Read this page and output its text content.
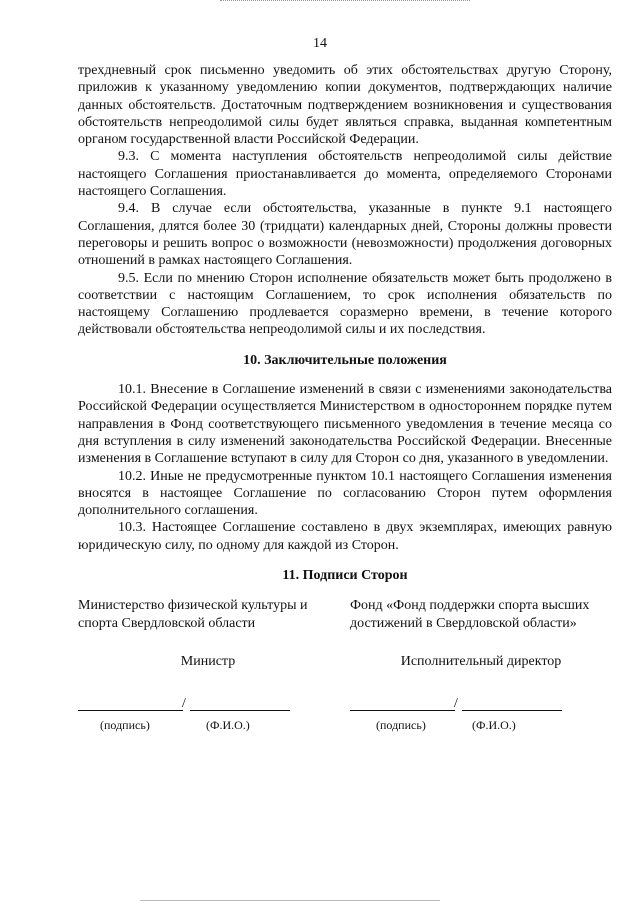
14

трехдневный срок письменно уведомить об этих обстоятельствах другую Сторону, приложив к указанному уведомлению копии документов, подтверждающих наличие данных обстоятельств. Достаточным подтверждением возникновения и существования обстоятельств непреодолимой силы будет являться справка, выданная компетентным органом государственной власти Российской Федерации.

9.3. С момента наступления обстоятельств непреодолимой силы действие настоящего Соглашения приостанавливается до момента, определяемого Сторонами настоящего Соглашения.

9.4. В случае если обстоятельства, указанные в пункте 9.1 настоящего Соглашения, длятся более 30 (тридцати) календарных дней, Стороны должны провести переговоры и решить вопрос о возможности (невозможности) продолжения договорных отношений в рамках настоящего Соглашения.

9.5. Если по мнению Сторон исполнение обязательств может быть продолжено в соответствии с настоящим Соглашением, то срок исполнения обязательств по настоящему Соглашению продлевается соразмерно времени, в течение которого действовали обстоятельства непреодолимой силы и их последствия.

10. Заключительные положения

10.1. Внесение в Соглашение изменений в связи с изменениями законодательства Российской Федерации осуществляется Министерством в одностороннем порядке путем направления в Фонд соответствующего письменного уведомления в течение месяца со дня вступления в силу изменений законодательства Российской Федерации. Внесенные изменения в Соглашение вступают в силу для Сторон со дня, указанного в уведомлении.

10.2. Иные не предусмотренные пунктом 10.1 настоящего Соглашения изменения вносятся в настоящее Соглашение по согласованию Сторон путем оформления дополнительного соглашения.

10.3. Настоящее Соглашение составлено в двух экземплярах, имеющих равную юридическую силу, по одному для каждой из Сторон.

11. Подписи Сторон
Министерство физической культуры и спорта Свердловской области
Министр
/
(подпись)	(Ф.И.О.)
Фонд «Фонд поддержки спорта высших достижений в Свердловской области»
Исполнительный директор
/
(подпись)	(Ф.И.О.)
